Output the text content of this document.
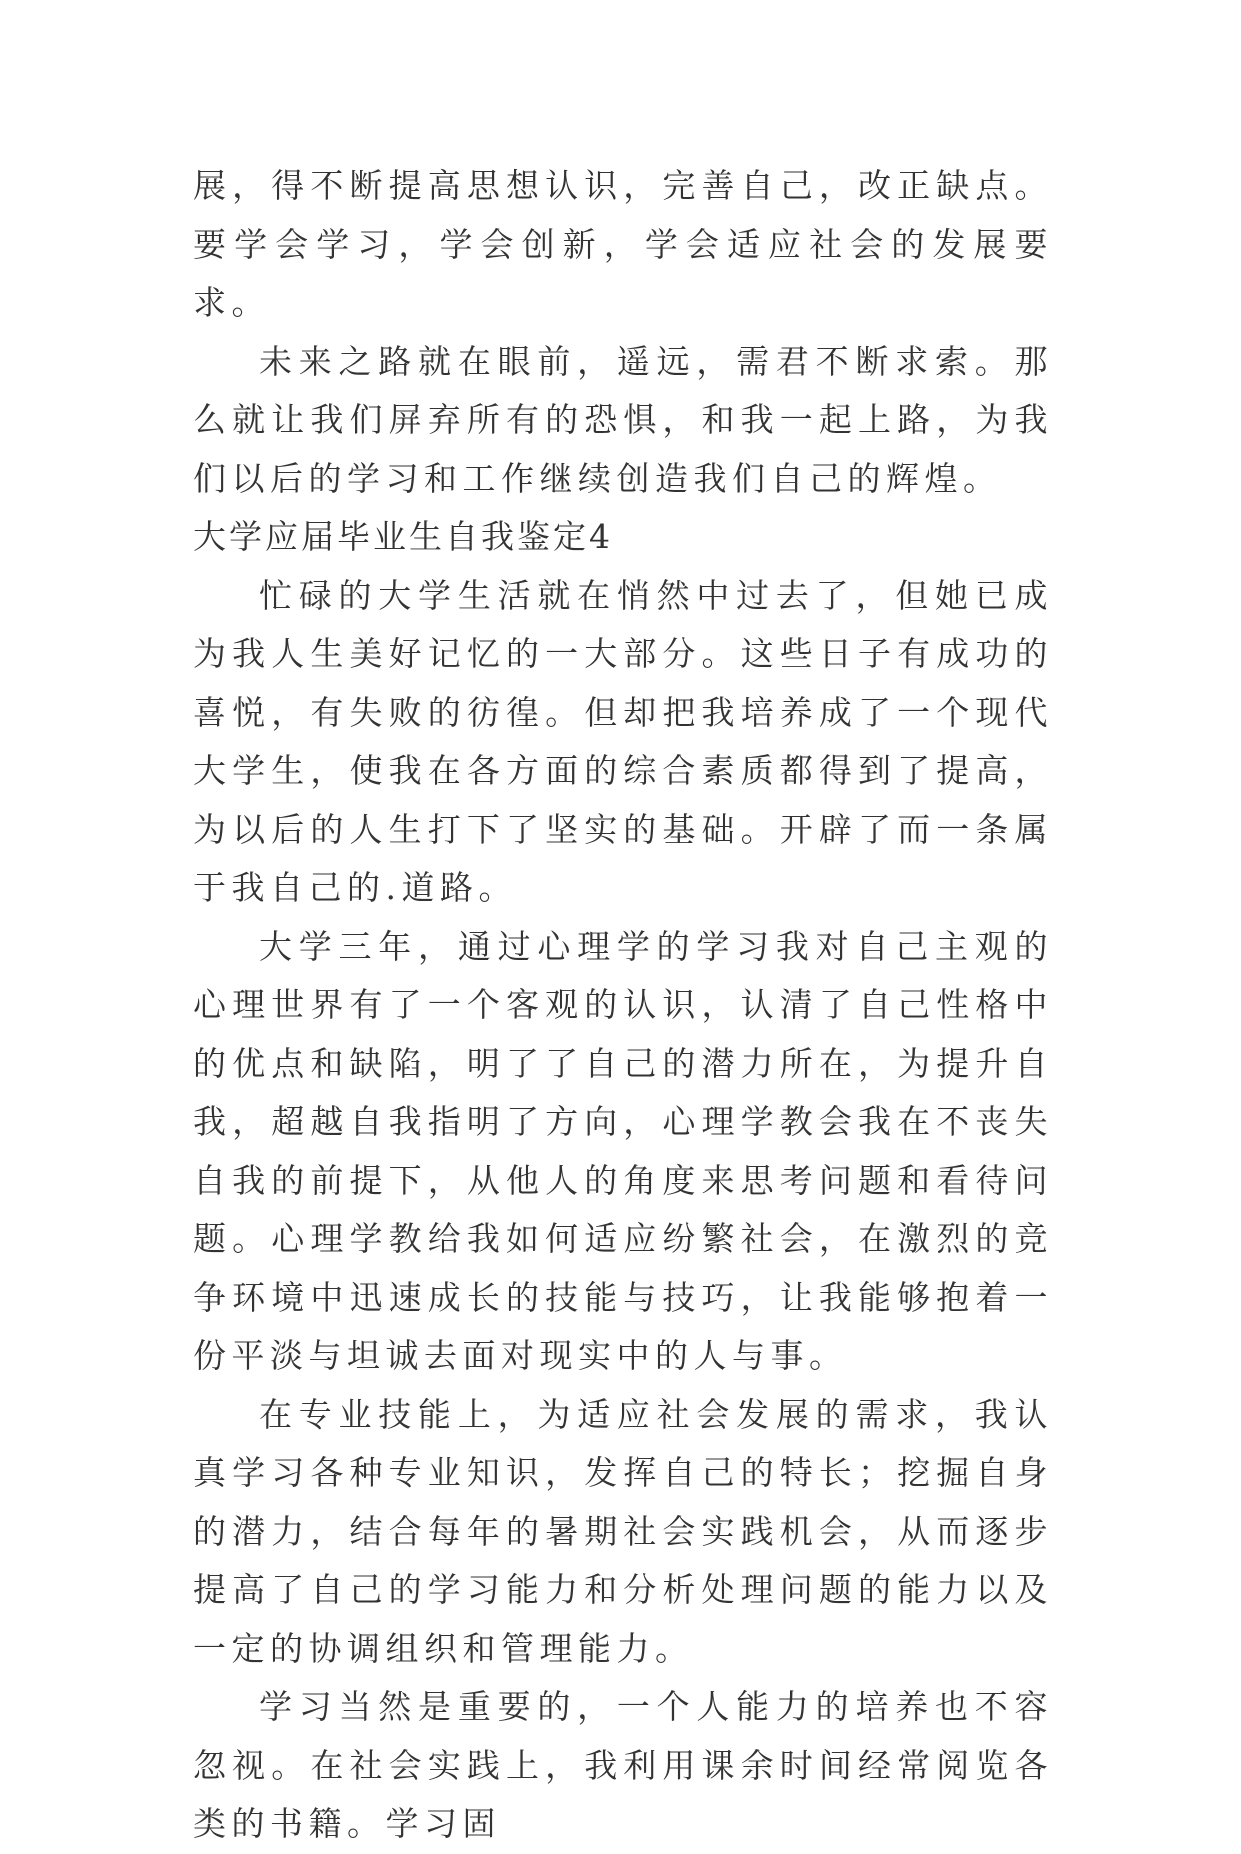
展，得不断提高思想认识，完善自己，改正缺点。要学会学习，学会创新，学会适应社会的发展要求。

未来之路就在眼前，遥远，需君不断求索。那么就让我们屏弃所有的恐惧，和我一起上路，为我们以后的学习和工作继续创造我们自己的辉煌。

大学应届毕业生自我鉴定4

忙碌的大学生活就在悄然中过去了，但她已成为我人生美好记忆的一大部分。这些日子有成功的喜悦，有失败的彷徨。但却把我培养成了一个现代大学生，使我在各方面的综合素质都得到了提高，为以后的人生打下了坚实的基础。开辟了而一条属于我自己的.道路。

大学三年，通过心理学的学习我对自己主观的心理世界有了一个客观的认识，认清了自己性格中的优点和缺陷，明了了自己的潜力所在，为提升自我，超越自我指明了方向，心理学教会我在不丧失自我的前提下，从他人的角度来思考问题和看待问题。心理学教给我如何适应纷繁社会，在激烈的竞争环境中迅速成长的技能与技巧，让我能够抱着一份平淡与坦诚去面对现实中的人与事。

在专业技能上，为适应社会发展的需求，我认真学习各种专业知识，发挥自己的特长；挖掘自身的潜力，结合每年的暑期社会实践机会，从而逐步提高了自己的学习能力和分析处理问题的能力以及一定的协调组织和管理能力。

学习当然是重要的，一个人能力的培养也不容忽视。在社会实践上，我利用课余时间经常阅览各类的书籍。学习固
